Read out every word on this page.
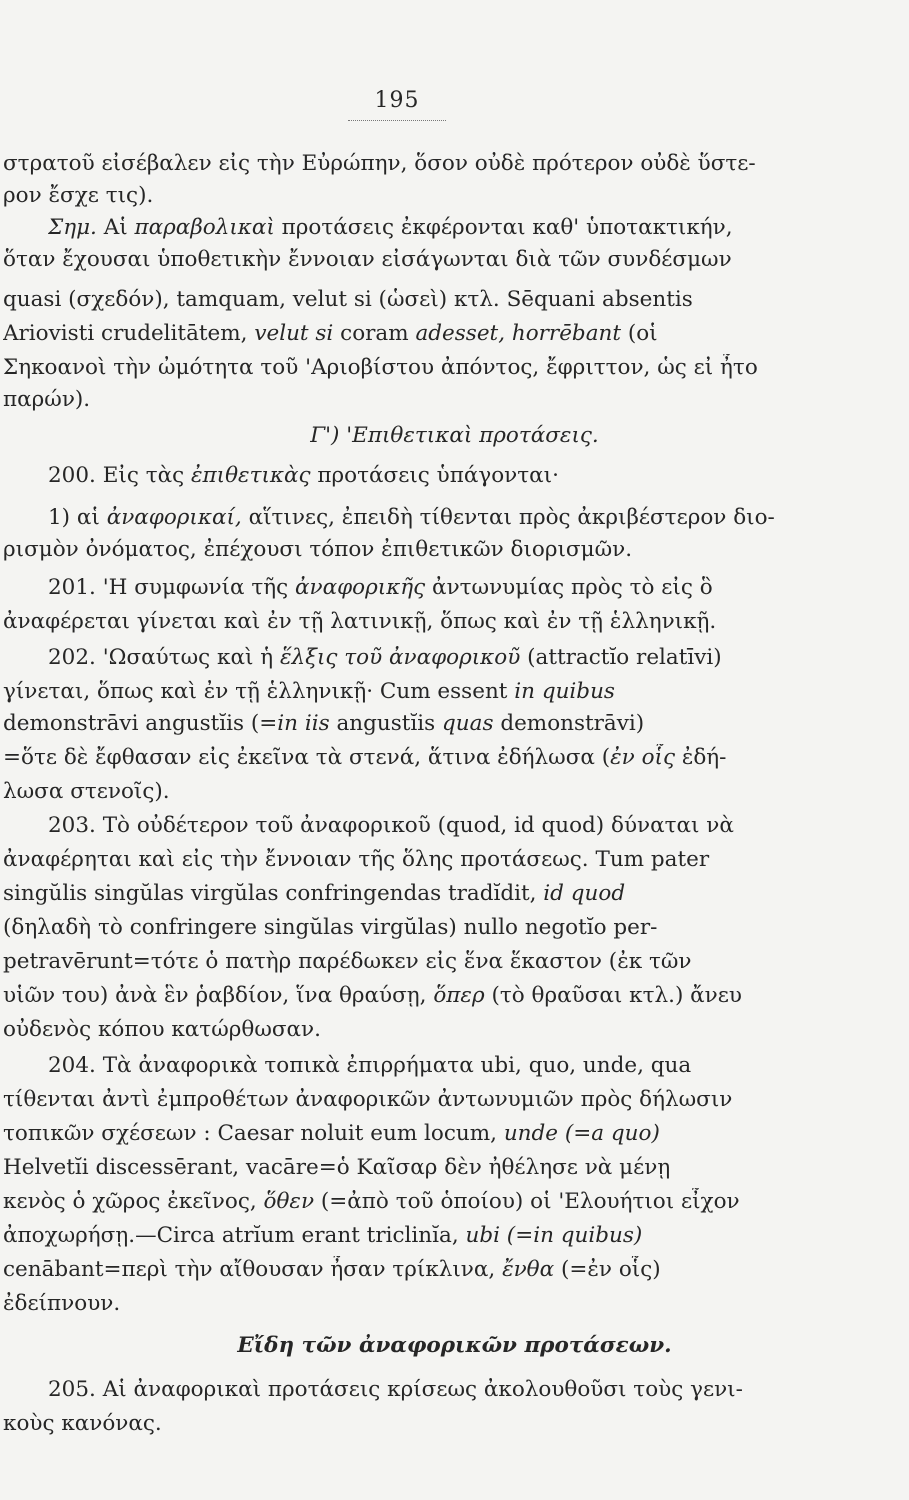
195
στρατοῦ εἰσέβαλεν εἰς τὴν Εὐρώπην, ὅσον οὐδὲ πρότερον οὐδὲ ὕστε-
ρον ἔσχε τις).
Σημ. Αἱ παραβολικαὶ προτάσεις ἐκφέρονται καθ' ὑποτακτικήν,
ὅταν ἔχουσαι ὑποθετικὴν ἔννοιαν εἰσάγωνται διὰ τῶν συνδέσμων
quasi (σχεδόν), tamquam, velut si (ὡσεὶ) κτλ. Sēquani absentis
Ariovisti crudelitātem, velut si coram adesset, horrēbant (οἱ
Σηκοανοὶ τὴν ὠμότητα τοῦ 'Αριοβίστου ἀπόντος, ἔφριττον, ὡς εἰ ἦτο
παρών).
Γ') 'Επιθετικαὶ προτάσεις.
200. Εἰς τὰς ἐπιθετικὰς προτάσεις ὑπάγονται·
1) αἱ ἀναφορικαί, αἵτινες, ἐπειδὴ τίθενται πρὸς ἀκριβέστερον διο-
ρισμὸν ὀνόματος, ἐπέχουσι τόπον ἐπιθετικῶν διορισμῶν.
201. 'Η συμφωνία τῆς ἀναφορικῆς ἀντωνυμίας πρὸς τὸ εἰς ὃ
ἀναφέρεται γίνεται καὶ ἐν τῇ λατινικῇ, ὅπως καὶ ἐν τῇ ἑλληνικῇ.
202. 'Ωσαύτως καὶ ἡ ἕλξις τοῦ ἀναφορικοῦ (attractĭo relatīvi)
γίνεται, ὅπως καὶ ἐν τῇ ἑλληνικῇ· Cum essent in quibus
demonstrāvi angustĭis (=in iis angustĭis quas demonstrāvi)
=ὅτε δὲ ἔφθασαν εἰς ἐκεῖνα τὰ στενά, ἅτινα ἐδήλωσα (ἐν οἷς ἐδή-
λωσα στενοῖς).
203. Τὸ οὐδέτερον τοῦ ἀναφορικοῦ (quod, id quod) δύναται νὰ
ἀναφέρηται καὶ εἰς τὴν ἔννοιαν τῆς ὅλης προτάσεως. Tum pater
singŭlis singŭlas virgŭlas confringendas tradĭdit, id quod
(δηλαδὴ τὸ confringere singŭlas virgŭlas) nullo negotĭo per-
petravērunt=τότε ὁ πατὴρ παρέδωκεν εἰς ἕνα ἕκαστον (ἐκ τῶν
υἱῶν του) ἀνὰ ἓν ῥαβδίον, ἵνα θραύσῃ, ὅπερ (τὸ θραῦσαι κτλ.) ἄνευ
οὐδενὸς κόπου κατώρθωσαν.
204. Τὰ ἀναφορικὰ τοπικὰ ἐπιρρήματα ubi, quo, unde, qua
τίθενται ἀντὶ ἐμπροθέτων ἀναφορικῶν ἀντωνυμιῶν πρὸς δήλωσιν
τοπικῶν σχέσεων : Caesar noluit eum locum, unde (=a quo)
Helvetĭi discessērant, vacāre=ὁ Καῖσαρ δὲν ἠθέλησε νὰ μένῃ
κενὸς ὁ χῶρος ἐκεῖνος, ὅθεν (=ἀπὸ τοῦ ὁποίου) οἱ 'Ελουήτιοι εἶχον
ἀποχωρήσῃ.—Circa atrĭum erant triclinĭa, ubi (=in quibus)
cenābant=περὶ τὴν αἴθουσαν ἦσαν τρίκλινα, ἔνθα (=ἐν οἷς)
ἐδείπνουν.
Εἴδη τῶν ἀναφορικῶν προτάσεων.
205. Αἱ ἀναφορικαὶ προτάσεις κρίσεως ἀκολουθοῦσι τοὺς γενι-
κοὺς κανόνας.
